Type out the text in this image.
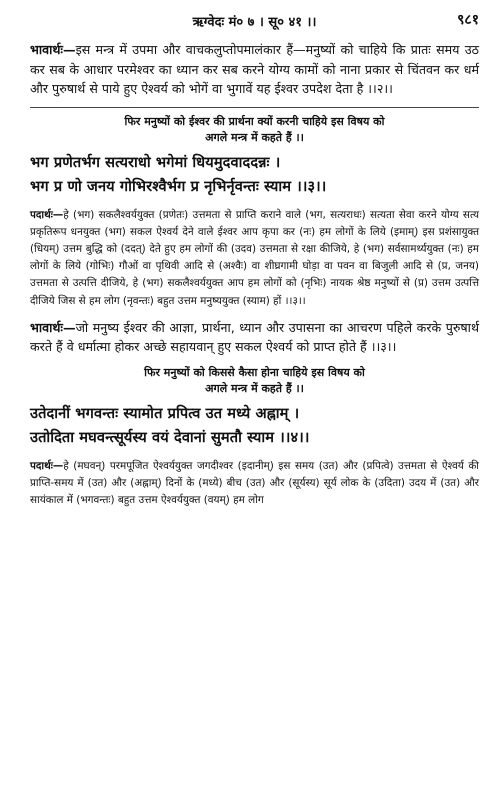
ऋग्वेदः मं० ७ । सू० ४१ ।।	९८१

भावार्थः—इस मन्त्र में उपमा और वाचकलुप्तोपमालंकार हैं—मनुष्यों को चाहिये कि प्रातः समय उठ कर सब के आधार परमेश्वर का ध्यान कर सब करने योग्य कामों को नाना प्रकार से चिंतवन कर धर्म और पुरुषार्थ से पाये हुए ऐश्वर्य को भोगें वा भुगावें यह ईश्वर उपदेश देता है ।।२।।

फिर मनुष्यों को ईश्वर की प्रार्थना क्यों करनी चाहिये इस विषय को

अगले मन्त्र में कहते हैं ।।

भग प्रणेतर्भग सत्यराधो भगेमां धियमुदवाददन्नः ।

भग प्र णो जनय गोभिरश्वैर्भग प्र नृभिर्नृवन्तः स्याम ।।३।।

पदार्थः—हे (भग) सकलैश्वर्ययुक्त (प्रणेतः) उत्तमता से प्राप्ति कराने वाले (भग, सत्यराधः) सत्यता सेवा करने योग्य सत्य प्रकृतिरूप धनयुक्त (भग) सकल ऐश्वर्य देने वाले ईश्वर आप कृपा कर (नः) हम लोगों के लिये (इमाम्) इस प्रशंसायुक्त (धियम्) उत्तम बुद्धि को (ददत्) देते हुए हम लोगों की (उदव) उत्तमता से रक्षा कीजिये, हे (भग) सर्वसामर्थ्ययुक्त (नः) हम लोगों के लिये (गोभिः) गौओं वा पृथिवी आदि से (अश्वैः) वा शीघ्रगामी घोड़ा वा पवन वा बिजुली आदि से (प्र, जनय) उत्तमता से उत्पत्ति दीजिये, हे (भग) सकलैश्वर्ययुक्त आप हम लोगों को (नृभिः) नायक श्रेष्ठ मनुष्यों से (प्र) उत्तम उत्पत्ति दीजिये जिस से हम लोग (नृवन्तः) बहुत उत्तम मनुष्ययुक्त (स्याम) हों ।।३।।

भावार्थः—जो मनुष्य ईश्वर की आज्ञा, प्रार्थना, ध्यान और उपासना का आचरण पहिले करके पुरुषार्थ करते हैं वे धर्मात्मा होकर अच्छे सहायवान् हुए सकल ऐश्वर्य को प्राप्त होते हैं ।।३।।

फिर मनुष्यों को किससे कैसा होना चाहिये इस विषय को

अगले मन्त्र में कहते हैं ।।

उतेदानीं भगवन्तः स्यामोत प्रपित्व उत मध्ये अह्नाम् ।

उतोदिता मघवन्त्सूर्यस्य वयं देवानां सुमतौ स्याम ।।४।।

पदार्थः—हे (मघवन्) परमपूजित ऐश्वर्ययुक्त जगदीश्वर (इदानीम्) इस समय (उत) और (प्रपित्वे) उत्तमता से ऐश्वर्य की प्राप्ति-समय में (उत) और (अह्नाम्) दिनों के (मध्ये) बीच (उत) और (सूर्यस्य) सूर्य लोक के (उदिता) उदय में (उत) और सायंकाल में (भगवन्तः) बहुत उत्तम ऐश्वर्ययुक्त (वयम्) हम लोग
